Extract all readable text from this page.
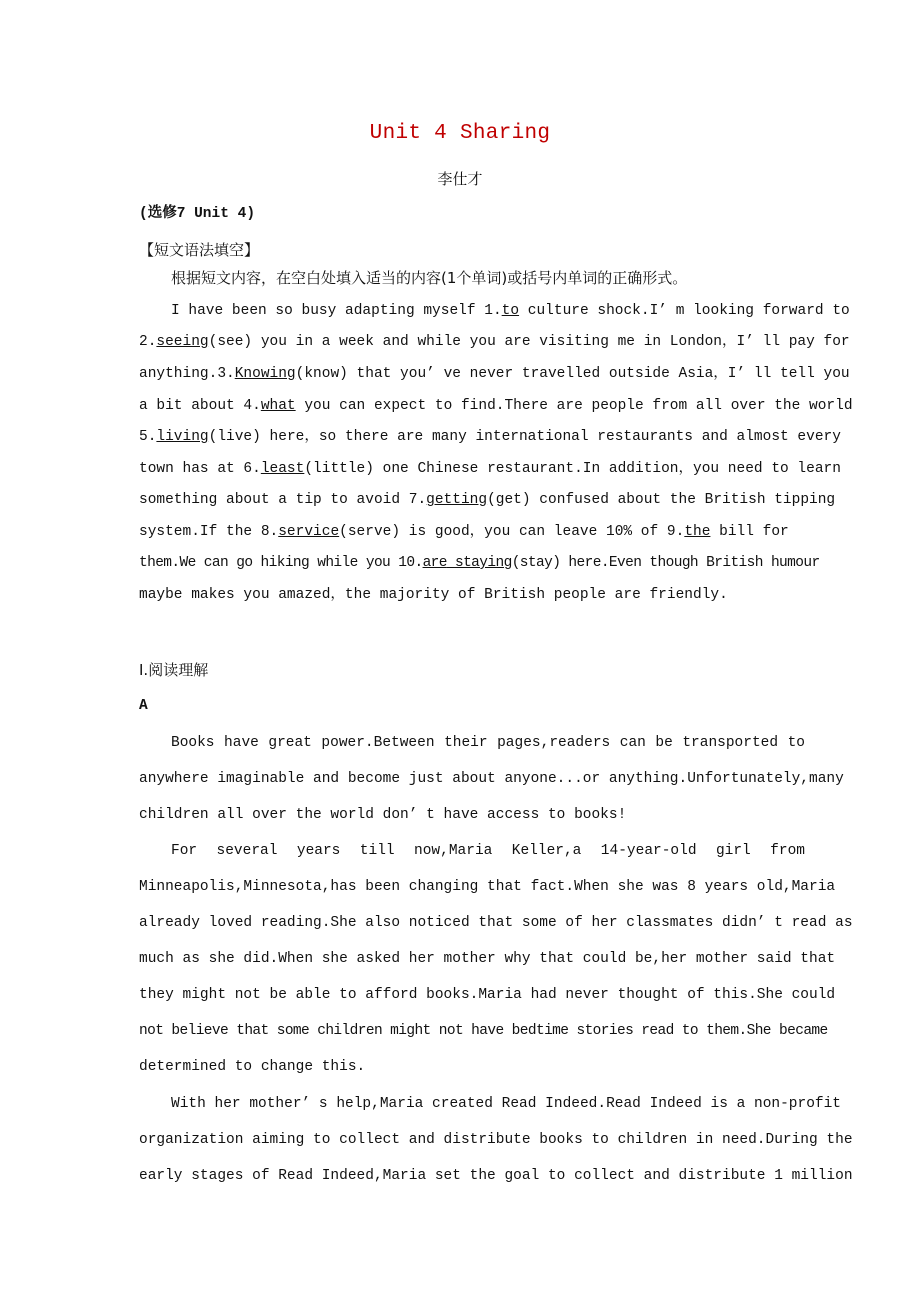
Unit 4 Sharing
李仕才
(选修7 Unit 4)
【短文语法填空】
根据短文内容，在空白处填入适当的内容(1个单词)或括号内单词的正确形式。
I have been so busy adapting myself 1.to culture shock.I’ m looking forward to
2.seeing(see) you in a week and while you are visiting me in London，I’ ll pay for
anything.3.Knowing(know) that you’ ve never travelled outside Asia，I’ ll tell you
a bit about 4.what you can expect to find.There are people from all over the world
5.living(live) here，so there are many international restaurants and almost every
town has at 6.least(little) one Chinese restaurant.In addition，you need to learn
something about a tip to avoid 7.getting(get) confused about the British tipping
system.If the 8.service(serve) is good，you can leave 10% of 9.the bill for
them.We can go hiking while you 10.are staying(stay) here.Even though British humour
maybe makes you amazed，the majority of British people are friendly.
Ⅰ.阅读理解
A
Books have great power.Between their pages,readers can be transported to
anywhere imaginable and become just about anyone...or anything.Unfortunately,many
children all over the world don’ t have access to books!
For several years till now,Maria Keller,a 14-year-old girl from
Minneapolis,Minnesota,has been changing that fact.When she was 8 years old,Maria
already loved reading.She also noticed that some of her classmates didn’ t read as
much as she did.When she asked her mother why that could be,her mother said that
they might not be able to afford books.Maria had never thought of this.She could
not believe that some children might not have bedtime stories read to them.She became
determined to change this.
With her mother’ s help,Maria created Read Indeed.Read Indeed is a non-profit
organization aiming to collect and distribute books to children in need.During the
early stages of Read Indeed,Maria set the goal to collect and distribute 1 million
